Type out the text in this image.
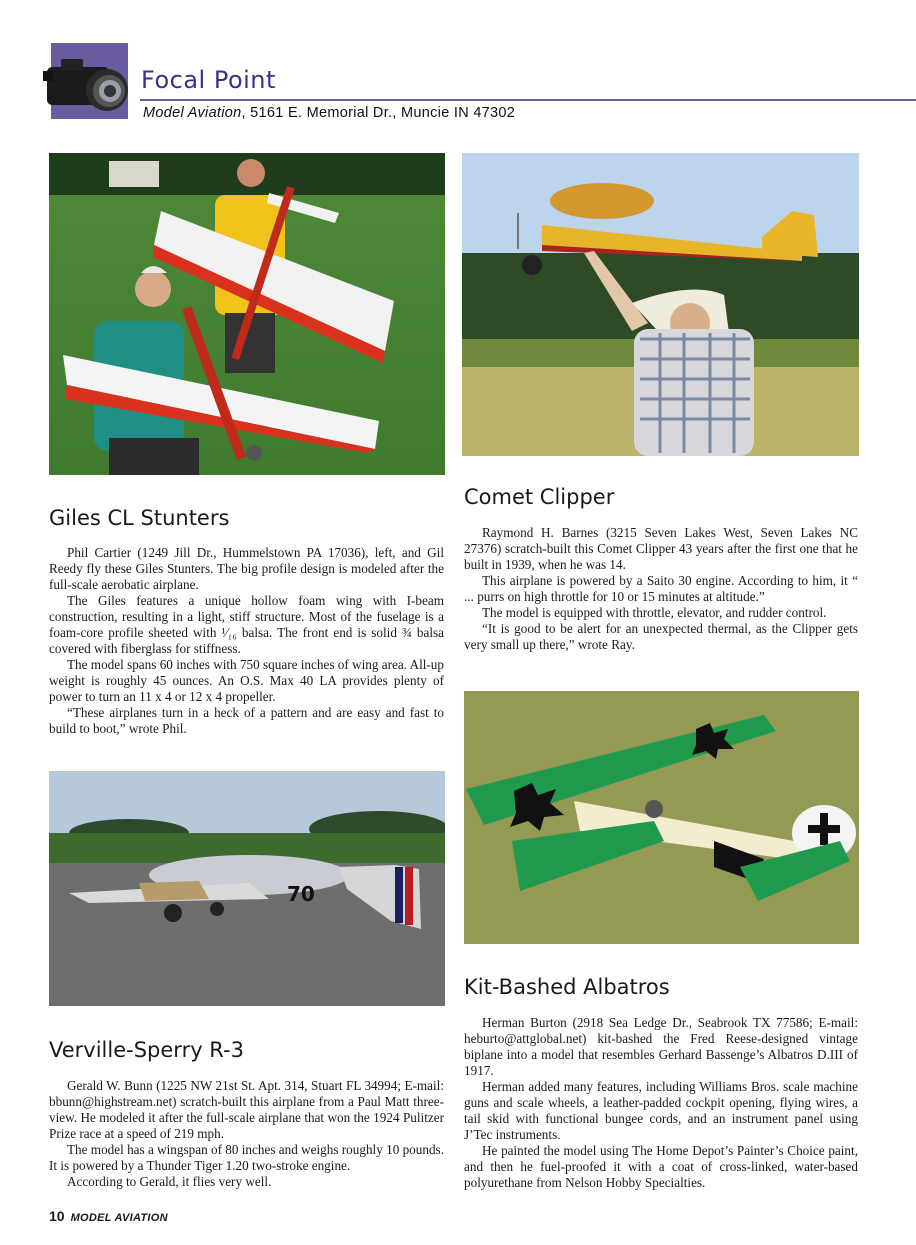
Focal Point
Model Aviation, 5161 E. Memorial Dr., Muncie IN 47302
Giles CL Stunters

Phil Cartier (1249 Jill Dr., Hummelstown PA 17036), left, and Gil Reedy fly these Giles Stunters. The big profile design is modeled after the full-scale aerobatic airplane.

The Giles features a unique hollow foam wing with I-beam construction, resulting in a light, stiff structure. Most of the fuselage is a foam-core profile sheeted with ¹⁄₁₆ balsa. The front end is solid ¾ balsa covered with fiberglass for stiffness.

The model spans 60 inches with 750 square inches of wing area. All-up weight is roughly 45 ounces. An O.S. Max 40 LA provides plenty of power to turn an 11 x 4 or 12 x 4 propeller.

“These airplanes turn in a heck of a pattern and are easy and fast to build to boot,” wrote Phil.

Comet Clipper

Raymond H. Barnes (3215 Seven Lakes West, Seven Lakes NC 27376) scratch-built this Comet Clipper 43 years after the first one that he built in 1939, when he was 14.

This airplane is powered by a Saito 30 engine. According to him, it “ ... purrs on high throttle for 10 or 15 minutes at altitude.”

The model is equipped with throttle, elevator, and rudder control.

“It is good to be alert for an unexpected thermal, as the Clipper gets very small up there,” wrote Ray.

70
Verville-Sperry R-3

Gerald W. Bunn (1225 NW 21st St. Apt. 314, Stuart FL 34994; E-mail: bbunn@highstream.net) scratch-built this airplane from a Paul Matt three-view. He modeled it after the full-scale airplane that won the 1924 Pulitzer Prize race at a speed of 219 mph.

The model has a wingspan of 80 inches and weighs roughly 10 pounds. It is powered by a Thunder Tiger 1.20 two-stroke engine.

According to Gerald, it flies very well.

Kit-Bashed Albatros

Herman Burton (2918 Sea Ledge Dr., Seabrook TX 77586; E-mail: heburto@attglobal.net) kit-bashed the Fred Reese-designed vintage biplane into a model that resembles Gerhard Bassenge’s Albatros D.III of 1917.

Herman added many features, including Williams Bros. scale machine guns and scale wheels, a leather-padded cockpit opening, flying wires, a tail skid with functional bungee cords, and an instrument panel using J’Tec instruments.

He painted the model using The Home Depot’s Painter’s Choice paint, and then he fuel-proofed it with a coat of cross-linked, water-based polyurethane from Nelson Hobby Specialties.

10 MODEL AVIATION
